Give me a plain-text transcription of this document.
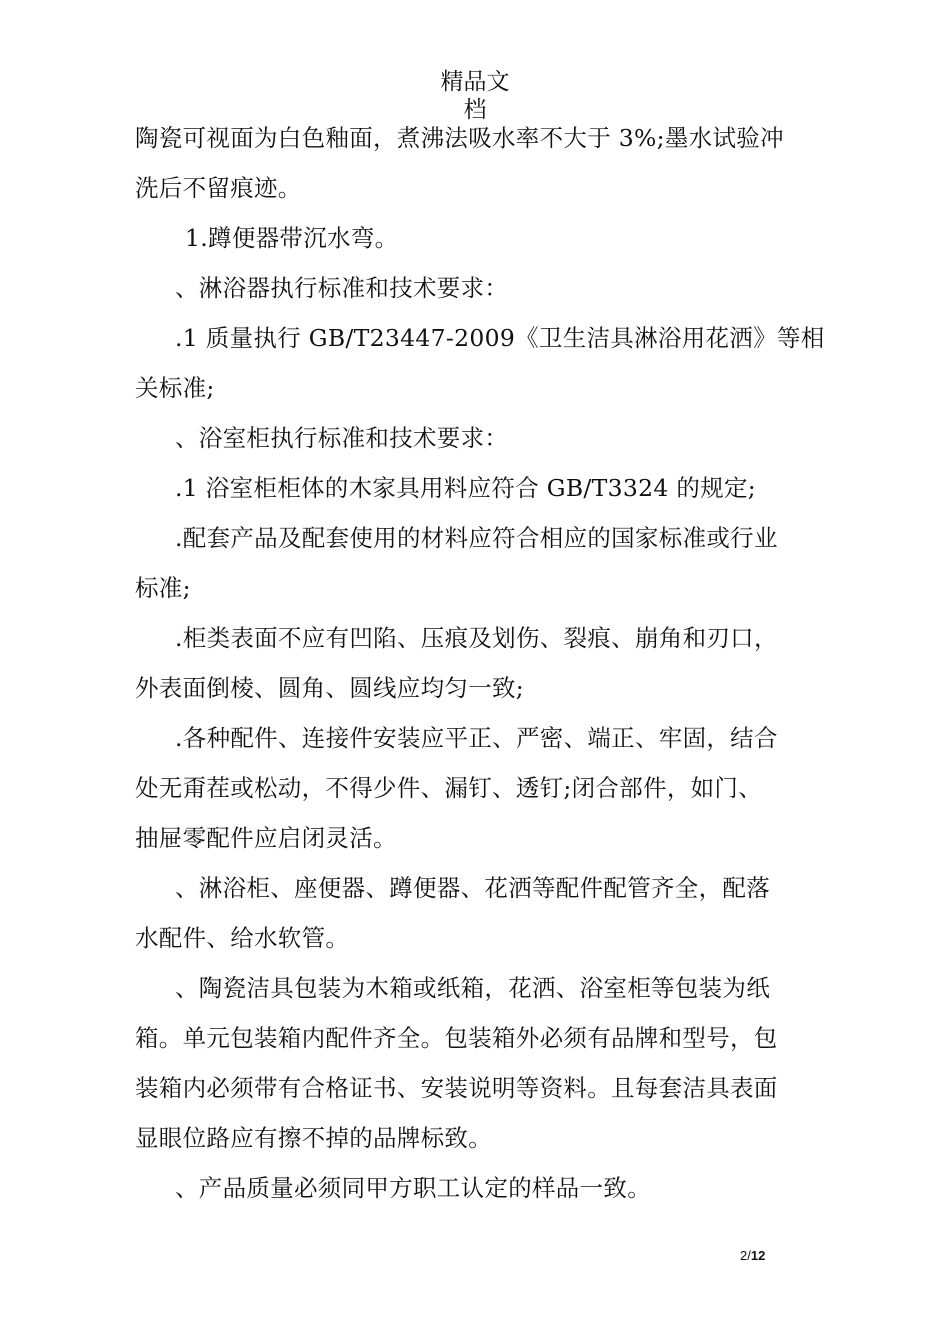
精品文
档
陶瓷可视面为白色釉面，煮沸法吸水率不大于 3%;墨水试验冲
洗后不留痕迹。
1.蹲便器带沉水弯。
、淋浴器执行标准和技术要求：
.1 质量执行 GB/T23447-2009《卫生洁具淋浴用花洒》等相
关标准;
、浴室柜执行标准和技术要求：
.1 浴室柜柜体的木家具用料应符合 GB/T3324 的规定;
.配套产品及配套使用的材料应符合相应的国家标准或行业
标准;
.柜类表面不应有凹陷、压痕及划伤、裂痕、崩角和刃口，
外表面倒棱、圆角、圆线应均匀一致;
.各种配件、连接件安装应平正、严密、端正、牢固，结合
处无甭茬或松动，不得少件、漏钉、透钉;闭合部件，如门、
抽屉零配件应启闭灵活。
、淋浴柜、座便器、蹲便器、花洒等配件配管齐全，配落
水配件、给水软管。
、陶瓷洁具包装为木箱或纸箱，花洒、浴室柜等包装为纸
箱。单元包装箱内配件齐全。包装箱外必须有品牌和型号，包
装箱内必须带有合格证书、安装说明等资料。且每套洁具表面
显眼位路应有擦不掉的品牌标致。
、产品质量必须同甲方职工认定的样品一致。
2/12
